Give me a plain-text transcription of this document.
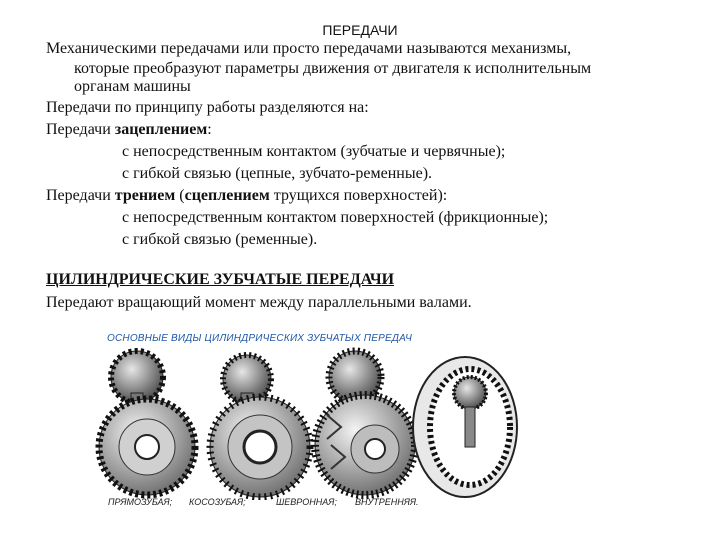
ПЕРЕДАЧИ
Механическими передачами или просто передачами называются механизмы,
которые преобразуют параметры движения от двигателя к исполнительным
органам машины
Передачи по принципу работы разделяются на:
Передачи зацеплением:
с непосредственным контактом (зубчатые и червячные);
с гибкой связью (цепные, зубчато-ременные).
Передачи трением (сцеплением трущихся поверхностей):
с непосредственным контактом поверхностей (фрикционные);
с гибкой связью (ременные).
ЦИЛИНДРИЧЕСКИЕ ЗУБЧАТЫЕ ПЕРЕДАЧИ
Передают вращающий момент между параллельными валами.
ОСНОВНЫЕ ВИДЫ ЦИЛИНДРИЧЕСКИХ ЗУБЧАТЫХ ПЕРЕДАЧ
ПРЯМОЗУБАЯ; КОСОЗУБАЯ;	ШЕВРОННАЯ; ВНУТРЕННЯЯ.
